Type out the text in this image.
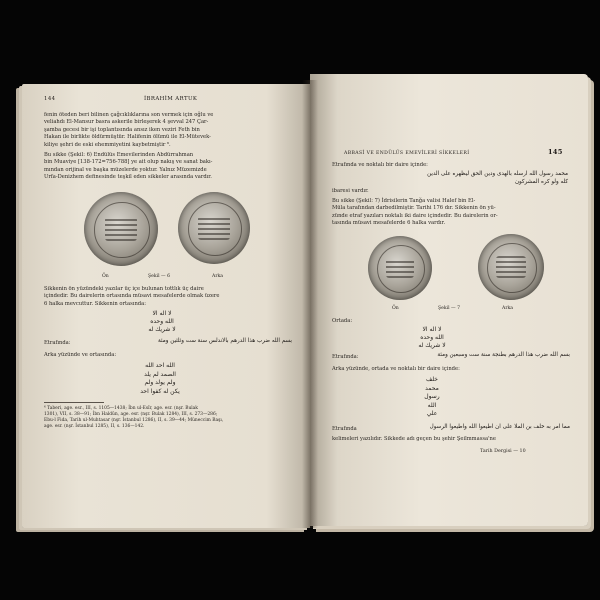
144	İBRAHİM ARTUK
fenin öteden beri bilinen çağcıklıklarına son vermek için oğlu ve
veliahdı El-Mansur basra askerile birleşerek 4 şevval 247 Çar-
şamba gecesi bir işi toplantısında ansız iken veziri Feth bin
Hakan ile birlikte öldürmüştür. Halifenin ölümü ile El-Mütevek-
kiliye şehri de eski ehemmiyetini kaybetmiştir ⁶.
Bu sikke (Şekil: 6) Endülüs Emevilerinden Abdürrahman
bin Muaviye [138-172=756-788] ye ait olup nakış ve sanat bakı-
mından orijinal ve başka müzelerde yoktur. Yalnız Müzemizde
Urfa-Denizhem definesinde teşkil eden sikkeler arasında vardır.
Ön	Şekil — 6	Arka
Sikkenin ön yüzündeki yazılar üç içe bulunan tottlık üç daire
içindedir. Bu dairelerin ortasında müsavi mesafelerde olmak üzere
6 halka mevcuttur. Sikkenin ortasında:
لا اله الا
الله وحده
لا شريك له
Etrafında:	بسم الله ضرب هذا الدرهم بالاندلس سنة ست وثلثين ومئة
Arka yüzünde ve ortasında:
الله احد الله
الصمد لم يلد
ولم يولد ولم
يكن له كفوا احد
⁶ Taberi, age. esr., III, s. 1105—1438; İbn ul-Esîr, age. esr. (nşr. Bulak
1301), VII, s. 38—91; İbn Haldûn, age. esr. (nşr. Bulak 1284), III, s. 273—286;
Ebu-l Fida, Tarih ul-Muhtasar (nşr. İstanbul 1286), II, s. 39—44; Müneccim Başı,
age. esr. (nşr. İstanbul 1285), II, s. 136—142.
ABBASÎ VE ENDÜLÜS EMEVÎLERİ SİKKELERİ	145
Etrafında ve noktalı bir daire içinde:
محمد رسول الله ارسله بالهدى ودين الحق ليظهره على الدين
كله ولو كره المشركون
ibaresi vardır.
Bu sikke (Şekil: 7) İdrisilerin Tanğa valisi Halef bin El-
Müla tarafından darbedilmiştir. Tarihi 176 dır. Sikkenin ön yü-
zünde etraf yazıları noktalı iki daire içindedir. Bu dairelerin or-
tasında müsavi mesafelerde 6 halka vardır.
Ön	Şekil — 7	Arka
Ortada:
لا اله الا
الله وحده
لا شريك له
Etrafında:	بسم الله ضرب هذا الدرهم بطنجة سنة ست وسبعين ومئة
Arka yüzünde, ortada ve noktalı bir daire içinde:
خلف
محمد
رسول
الله
علي
Etrafında	مما امر به خلف بن الملا على ان اطيعوا الله واطيعوا الرسول
kelimeleri yazılıdır. Sikkede adı geçen bu şehir Şeilmmassa'ne
Tarih Dergisi — 10
